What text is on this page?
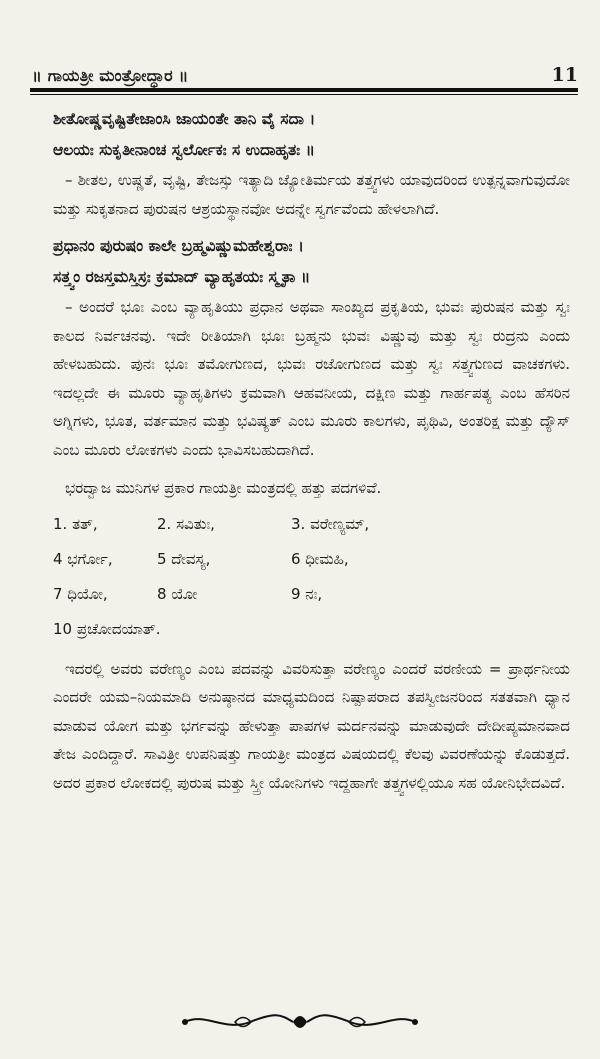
॥ ಗಾಯತ್ರೀ ಮಂತ್ರೋದ್ಧಾರ ॥	11

ಶೀತೋಷ್ಣವೃಷ್ಟಿತೇಜಾಂಸಿ ಜಾಯಂತೇ ತಾನಿ ವೈ ಸದಾ ।

ಆಲಯಃ ಸುಕೃತೀನಾಂಚ ಸ್ವರ್ಲೋಕಃ ಸ ಉದಾಹೃತಃ ॥

– ಶೀತಲ, ಉಷ್ಣತೆ, ವೃಷ್ಟಿ, ತೇಜಸ್ಸು ಇತ್ಯಾದಿ ಜ್ಯೋತಿರ್ಮಯ ತತ್ತ್ವಗಳು ಯಾವುದರಿಂದ ಉತ್ಪನ್ನವಾಗುವುದೋ ಮತ್ತು ಸುಕೃತನಾದ ಪುರುಷನ ಆಶ್ರಯಸ್ಥಾನವೋ ಅದನ್ನೇ ಸ್ವರ್ಗವೆಂದು ಹೇಳಲಾಗಿದೆ.

ಪ್ರಧಾನಂ ಪುರುಷಂ ಕಾಲೇ ಬ್ರಹ್ಮವಿಷ್ಣುಮಹೇಶ್ವರಾಃ ।

ಸತ್ತ್ವಂ ರಜಸ್ತಮಸ್ತಿಸ್ರಃ ಕ್ರಮಾದ್ ವ್ಯಾಹೃತಯಃ ಸ್ಮೃತಾ ॥

– ಅಂದರೆ ಭೂಃ ಎಂಬ ವ್ಯಾಹೃತಿಯು ಪ್ರಧಾನ ಅಥವಾ ಸಾಂಖ್ಯದ ಪ್ರಕೃತಿಯ, ಭುವಃ ಪುರುಷನ ಮತ್ತು ಸ್ವಃ ಕಾಲದ ನಿರ್ವಚನವು. ಇದೇ ರೀತಿಯಾಗಿ ಭೂಃ ಬ್ರಹ್ಮನು ಭುವಃ ವಿಷ್ಣುವು ಮತ್ತು ಸ್ವಃ ರುದ್ರನು ಎಂದು ಹೇಳಬಹುದು. ಪುನಃ ಭೂಃ ತಮೋಗುಣದ, ಭುವಃ ರಜೋಗುಣದ ಮತ್ತು ಸ್ವಃ ಸತ್ತ್ವಗುಣದ ವಾಚಕಗಳು. ಇದಲ್ಲದೇ ಈ ಮೂರು ವ್ಯಾಹೃತಿಗಳು ಕ್ರಮವಾಗಿ ಆಹವನೀಯ, ದಕ್ಷಿಣ ಮತ್ತು ಗಾರ್ಹಪತ್ಯ ಎಂಬ ಹೆಸರಿನ ಅಗ್ನಿಗಳು, ಭೂತ, ವರ್ತಮಾನ ಮತ್ತು ಭವಿಷ್ಯತ್ ಎಂಬ ಮೂರು ಕಾಲಗಳು, ಪೃಥಿವಿ, ಅಂತರಿಕ್ಷ ಮತ್ತು ದ್ಯೌಸ್ ಎಂಬ ಮೂರು ಲೋಕಗಳು ಎಂದು ಭಾವಿಸಬಹುದಾಗಿದೆ.

ಭರದ್ವಾಜ ಮುನಿಗಳ ಪ್ರಕಾರ ಗಾಯತ್ರೀ ಮಂತ್ರದಲ್ಲಿ ಹತ್ತು ಪದಗಳಿವೆ.

1. ತತ್,	2. ಸವಿತುಃ,	3. ವರೇಣ್ಯಮ್,
4 ಭರ್ಗೋ,	5 ದೇವಸ್ಯ,	6 ಧೀಮಹಿ,
7 ಧಿಯೋ,	8 ಯೋ	9 ನಃ,
10 ಪ್ರಚೋದಯಾತ್.

ಇದರಲ್ಲಿ ಅವರು ವರೇಣ್ಯಂ ಎಂಬ ಪದವನ್ನು ವಿವರಿಸುತ್ತಾ ವರೇಣ್ಯಂ ಎಂದರೆ ವರಣೀಯ = ಪ್ರಾರ್ಥನೀಯ ಎಂದರೇ ಯಮ–ನಿಯಮಾದಿ ಅನುಷ್ಠಾನದ ಮಾಧ್ಯಮದಿಂದ ನಿಷ್ಪಾಪರಾದ ತಪಸ್ವೀಜನರಿಂದ ಸತತವಾಗಿ ಧ್ಯಾನ ಮಾಡುವ ಯೋಗ ಮತ್ತು ಭರ್ಗವನ್ನು ಹೇಳುತ್ತಾ ಪಾಪಗಳ ಮರ್ದನವನ್ನು ಮಾಡುವುದೇ ದೇದೀಪ್ಯಮಾನವಾದ ತೇಜ ಎಂದಿದ್ದಾರೆ. ಸಾವಿತ್ರೀ ಉಪನಿಷತ್ತು ಗಾಯತ್ರೀ ಮಂತ್ರದ ವಿಷಯದಲ್ಲಿ ಕೆಲವು ವಿವರಣೆಯನ್ನು ಕೊಡುತ್ತದೆ. ಅದರ ಪ್ರಕಾರ ಲೋಕದಲ್ಲಿ ಪುರುಷ ಮತ್ತು ಸ್ತ್ರೀ ಯೋನಿಗಳು ಇದ್ದಹಾಗೇ ತತ್ತ್ವಗಳಲ್ಲಿಯೂ ಸಹ ಯೋನಿಭೇದವಿದೆ.
